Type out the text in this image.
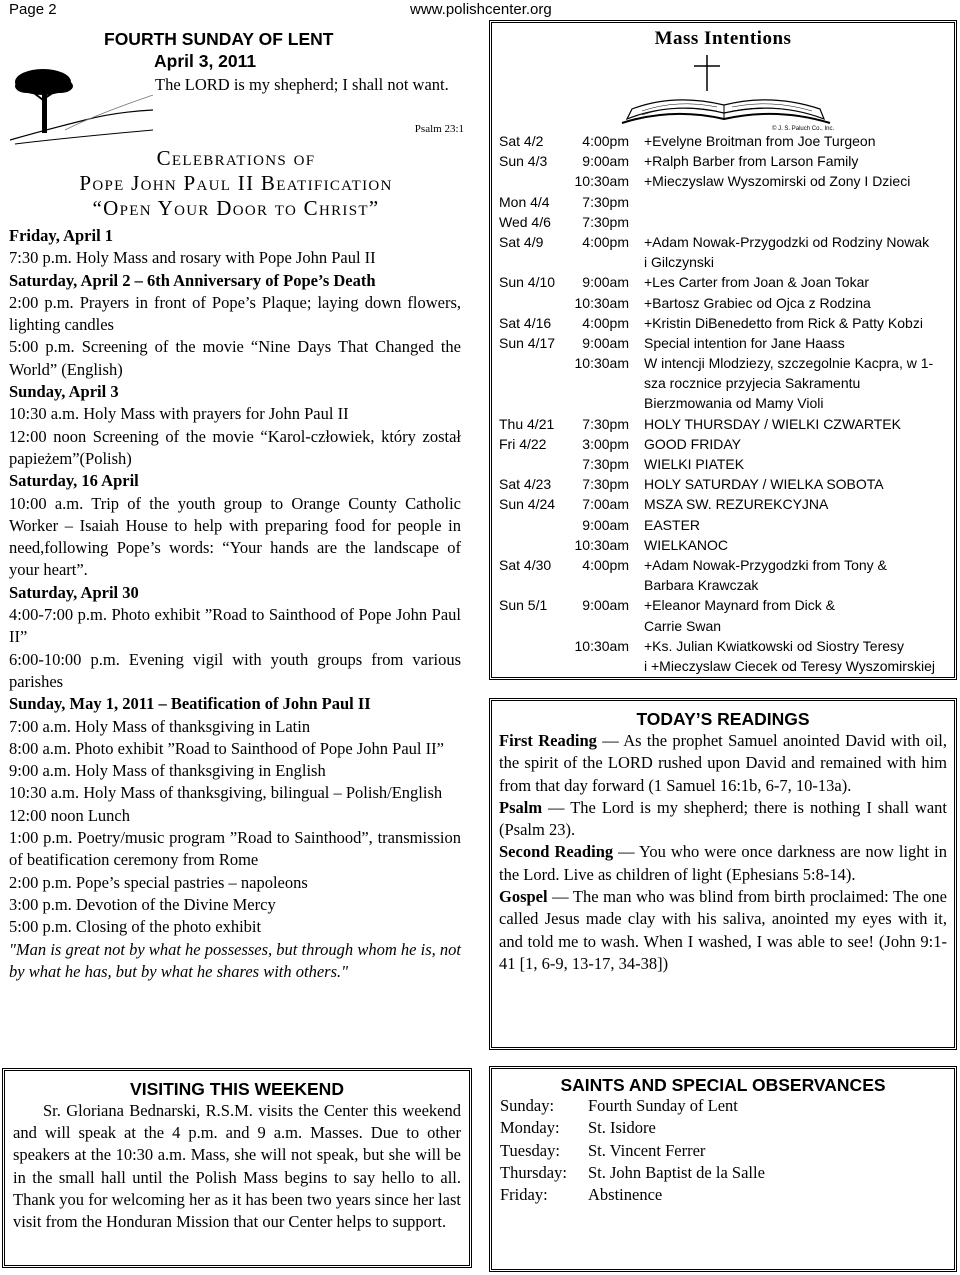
Page 2	www.polishcenter.org
FOURTH SUNDAY OF LENT
April 3, 2011
The LORD is my shepherd; I shall not want.
Psalm 23:1
Celebrations of
Pope John Paul II Beatification
“Open Your Door to Christ”
Friday, April 1
7:30 p.m. Holy Mass and rosary with Pope John Paul II
Saturday, April 2 – 6th Anniversary of Pope’s Death
2:00 p.m. Prayers in front of Pope’s Plaque; laying down flowers, lighting candles
5:00 p.m. Screening of the movie “Nine Days That Changed the World” (English)
Sunday, April 3
10:30 a.m. Holy Mass with prayers for John Paul II
12:00 noon Screening of the movie “Karol-człowiek, który został papieżem”(Polish)
Saturday, 16 April
10:00 a.m. Trip of the youth group to Orange County Catholic Worker – Isaiah House to help with preparing food for people in need,following Pope’s words: “Your hands are the landscape of your heart”.
Saturday, April 30
4:00-7:00 p.m. Photo exhibit ”Road to Sainthood of Pope John Paul II”
6:00-10:00 p.m. Evening vigil with youth groups from various parishes
Sunday, May 1, 2011 – Beatification of John Paul II
7:00 a.m. Holy Mass of thanksgiving in Latin
8:00 a.m. Photo exhibit ”Road to Sainthood of Pope John Paul II”
9:00 a.m. Holy Mass of thanksgiving in English
10:30 a.m. Holy Mass of thanksgiving, bilingual – Polish/English
12:00 noon Lunch
1:00 p.m. Poetry/music program ”Road to Sainthood”, transmission of beatification ceremony from Rome
2:00 p.m. Pope’s special pastries – napoleons
3:00 p.m. Devotion of the Divine Mercy
5:00 p.m. Closing of the photo exhibit
"Man is great not by what he possesses, but through whom he is, not by what he has, but by what he shares with others."
VISITING THIS WEEKEND
Sr. Gloriana Bednarski, R.S.M. visits the Center this weekend and will speak at the 4 p.m. and 9 a.m. Masses. Due to other speakers at the 10:30 a.m. Mass, she will not speak, but she will be in the small hall until the Polish Mass begins to say hello to all. Thank you for welcoming her as it has been two years since her last visit from the Honduran Mission that our Center helps to support.
Mass Intentions
© J. S. Paluch Co., Inc.
Sat 4/2	4:00pm +Evelyne Broitman from Joe Turgeon
Sun 4/3	9:00am +Ralph Barber from Larson Family
10:30am +Mieczyslaw Wyszomirski od Zony I Dzieci
Mon 4/4 7:30pm
Wed 4/6 7:30pm
Sat 4/9	4:00pm +Adam Nowak-Przygodzki od Rodziny Nowak
i Gilczynski
Sun 4/10 9:00am +Les Carter from Joan & Joan Tokar
10:30am +Bartosz Grabiec od Ojca z Rodzina
Sat 4/16 4:00pm +Kristin DiBenedetto from Rick & Patty Kobzi
Sun 4/17 9:00am Special intention for Jane Haass
10:30am W intencji Mlodziezy, szczegolnie Kacpra, w 1-
sza rocznice przyjecia Sakramentu
Bierzmowania od Mamy Violi
Thu 4/21 7:30pm HOLY THURSDAY / WIELKI CZWARTEK
Fri 4/22	3:00pm GOOD FRIDAY
7:30pm WIELKI PIATEK
Sat 4/23 7:30pm HOLY SATURDAY / WIELKA SOBOTA
Sun 4/24 7:00am MSZA SW. REZUREKCYJNA
9:00am EASTER
10:30am WIELKANOC
Sat 4/30 4:00pm +Adam Nowak-Przygodzki from Tony &
Barbara Krawczak
Sun 5/1	9:00am +Eleanor Maynard from Dick &
Carrie Swan
10:30am +Ks. Julian Kwiatkowski od Siostry Teresy
i +Mieczyslaw Ciecek od Teresy Wyszomirskiej
TODAY’S READINGS
First Reading — As the prophet Samuel anointed David with oil, the spirit of the LORD rushed upon David and remained with him from that day forward (1 Samuel 16:1b, 6-7, 10-13a).
Psalm — The Lord is my shepherd; there is nothing I shall want (Psalm 23).
Second Reading — You who were once darkness are now light in the Lord. Live as children of light (Ephesians 5:8-14).
Gospel — The man who was blind from birth proclaimed: The one called Jesus made clay with his saliva, anointed my eyes with it, and told me to wash. When I washed, I was able to see! (John 9:1-41 [1, 6-9, 13-17, 34-38])
SAINTS AND SPECIAL OBSERVANCES
Sunday: Fourth Sunday of Lent
Monday: St. Isidore
Tuesday: St. Vincent Ferrer
Thursday: St. John Baptist de la Salle
Friday: Abstinence
